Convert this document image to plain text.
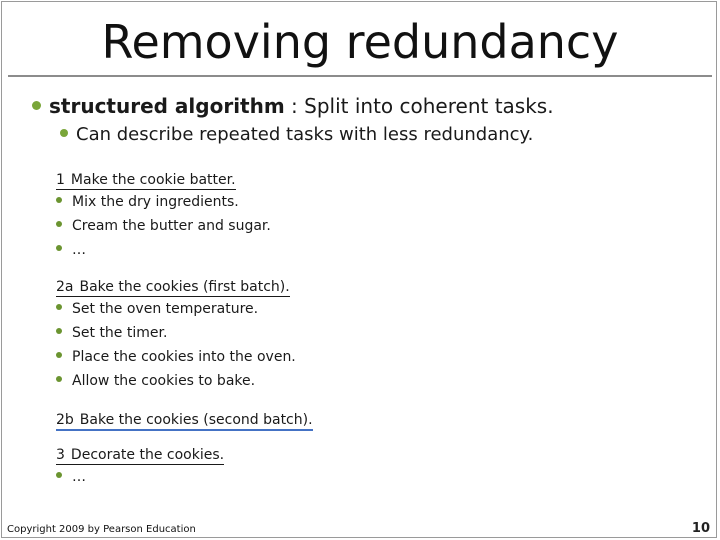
Removing redundancy
structured algorithm : Split into coherent tasks.
Can describe repeated tasks with less redundancy.
1 Make the cookie batter.
Mix the dry ingredients.
Cream the butter and sugar.
…
2a Bake the cookies (first batch).
Set the oven temperature.
Set the timer.
Place the cookies into the oven.
Allow the cookies to bake.
2b Bake the cookies (second batch).
3 Decorate the cookies.
…
Copyright 2009 by Pearson Education	10
